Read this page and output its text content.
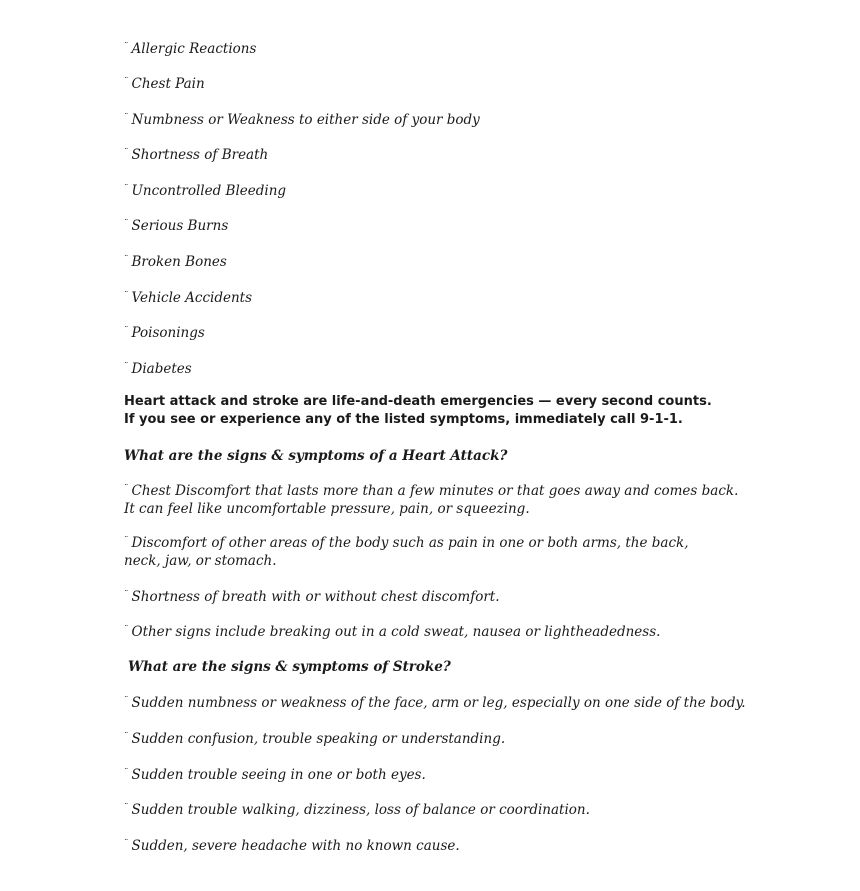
¨ Allergic Reactions
¨ Chest Pain
¨ Numbness or Weakness to either side of your body
¨ Shortness of Breath
¨ Uncontrolled Bleeding
¨ Serious Burns
¨ Broken Bones
¨ Vehicle Accidents
¨ Poisonings
¨ Diabetes
Heart attack and stroke are life-and-death emergencies — every second counts. If you see or experience any of the listed symptoms, immediately call 9-1-1.
What are the signs & symptoms of a Heart Attack?
¨ Chest Discomfort that lasts more than a few minutes or that goes away and comes back. It can feel like uncomfortable pressure, pain, or squeezing.
¨ Discomfort of other areas of the body such as pain in one or both arms, the back, neck, jaw, or stomach.
¨ Shortness of breath with or without chest discomfort.
¨ Other signs include breaking out in a cold sweat, nausea or lightheadedness.
What are the signs & symptoms of Stroke?
¨ Sudden numbness or weakness of the face, arm or leg, especially on one side of the body.
¨ Sudden confusion, trouble speaking or understanding.
¨ Sudden trouble seeing in one or both eyes.
¨ Sudden trouble walking, dizziness, loss of balance or coordination.
¨ Sudden, severe headache with no known cause.
